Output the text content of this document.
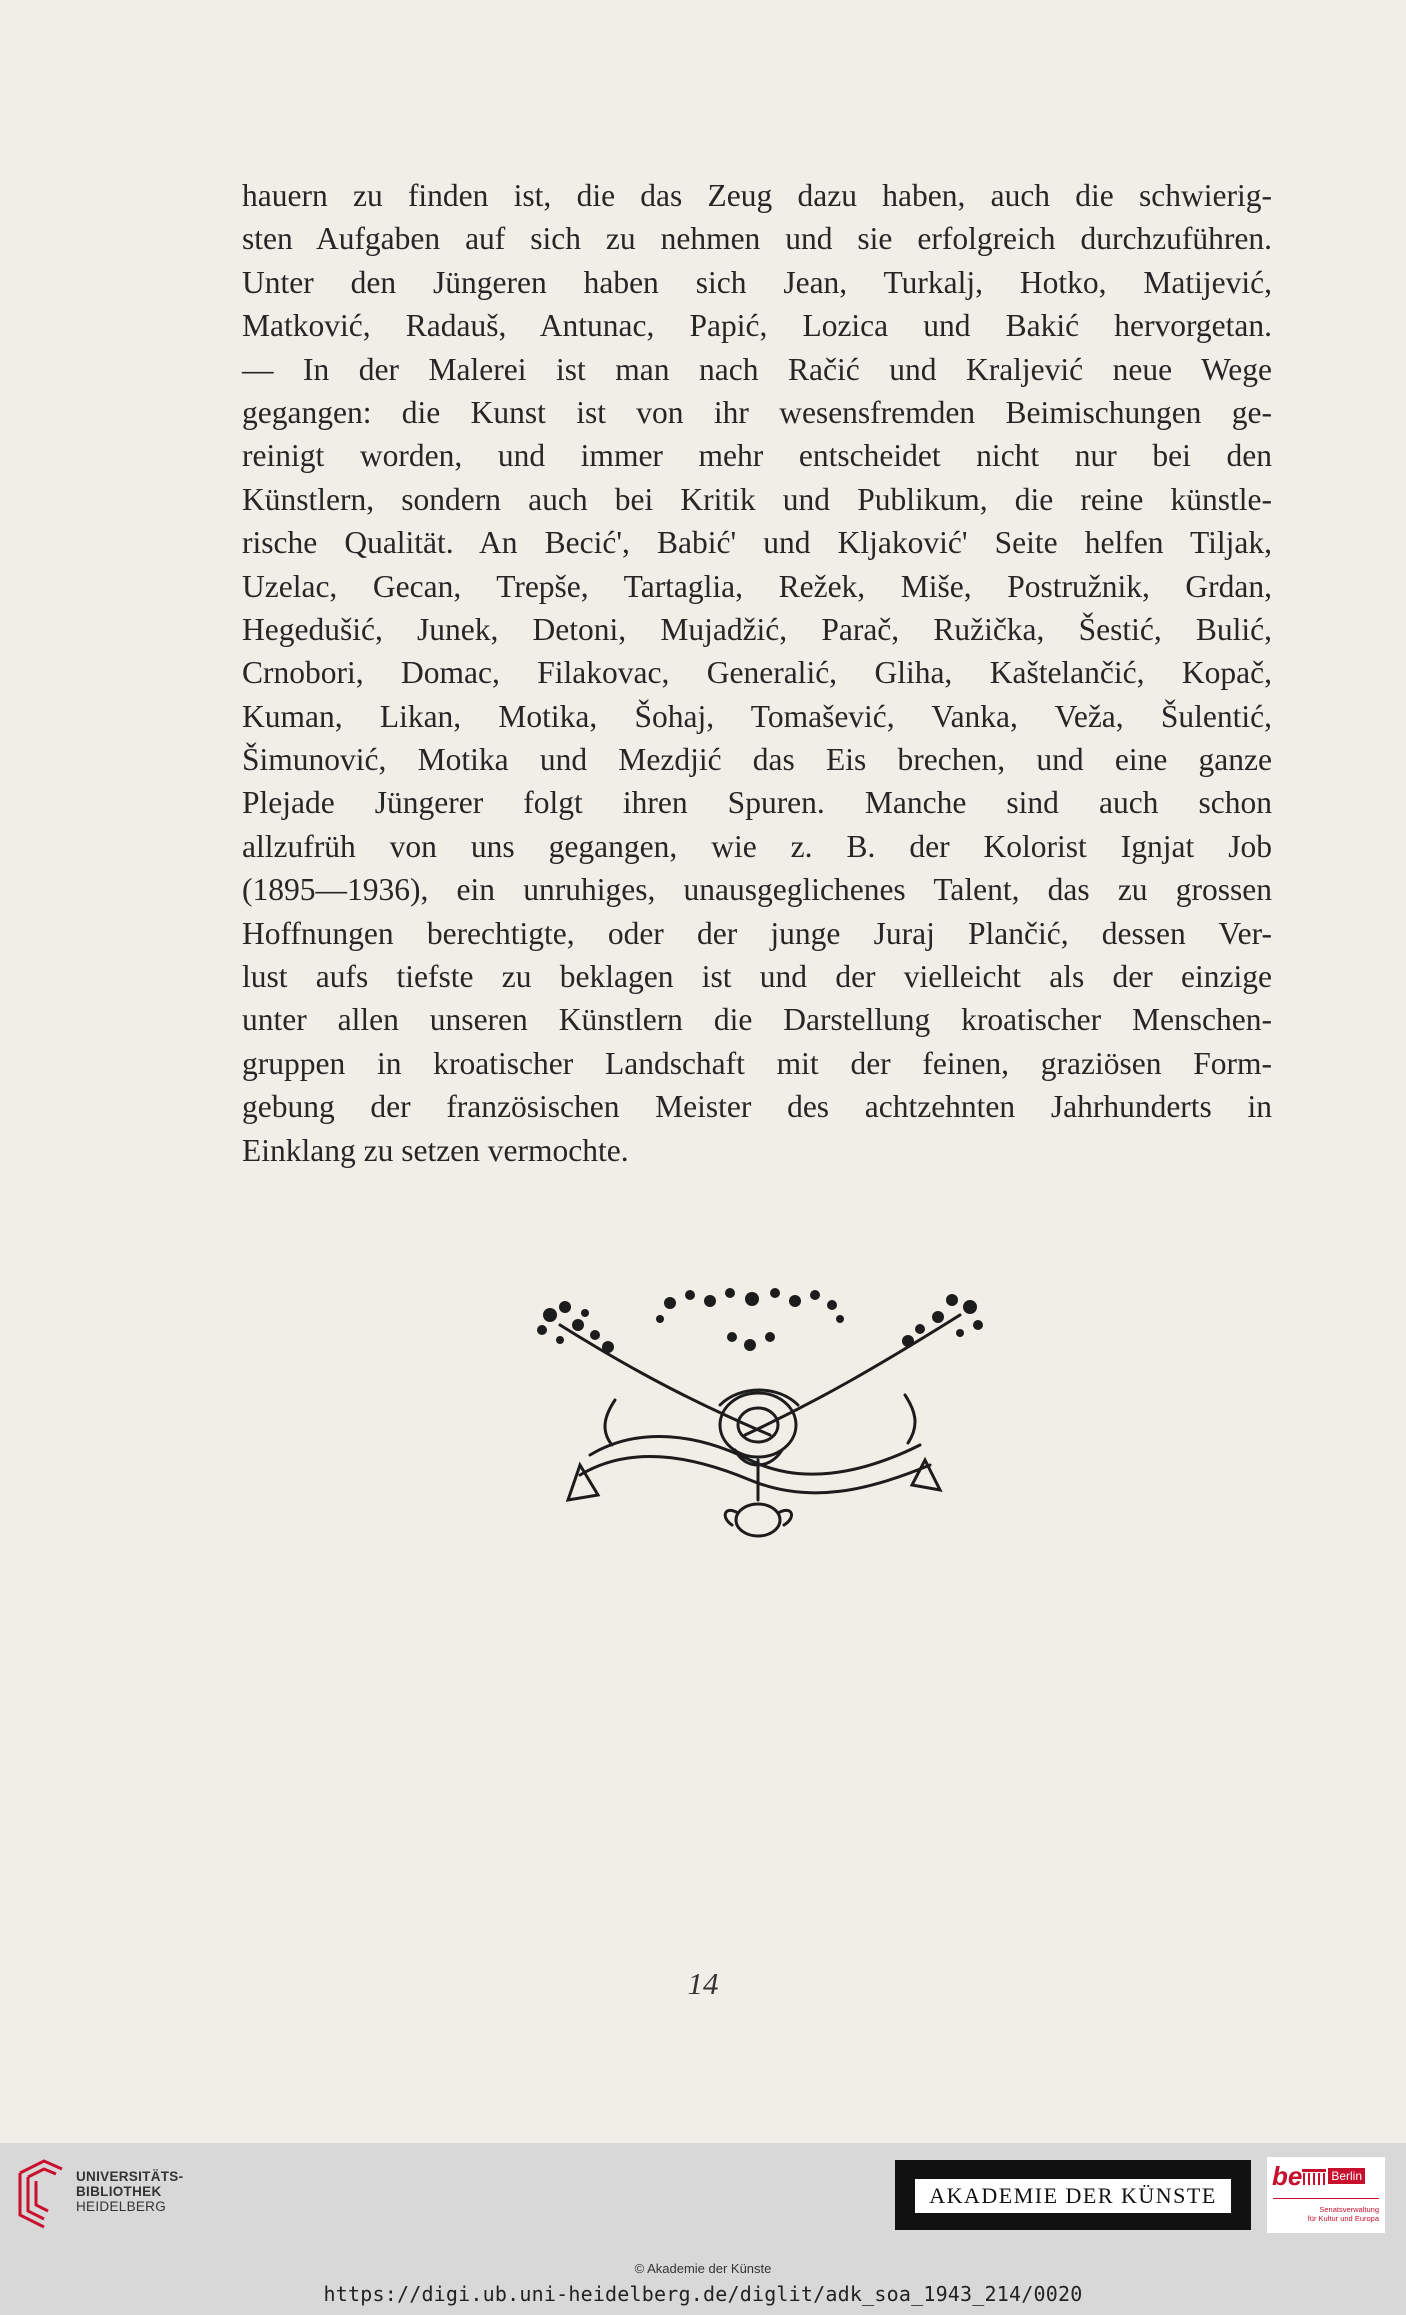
hauern zu finden ist, die das Zeug dazu haben, auch die schwierig-
sten Aufgaben auf sich zu nehmen und sie erfolgreich durchzuführen.
Unter den Jüngeren haben sich Jean, Turkalj, Hotko, Matijević,
Matković, Radauš, Antunac, Papić, Lozica und Bakić hervorgetan.
— In der Malerei ist man nach Račić und Kraljević neue Wege
gegangen: die Kunst ist von ihr wesensfremden Beimischungen ge-
reinigt worden, und immer mehr entscheidet nicht nur bei den
Künstlern, sondern auch bei Kritik und Publikum, die reine künstle-
rische Qualität. An Becić', Babić' und Kljaković' Seite helfen Tiljak,
Uzelac, Gecan, Trepše, Tartaglia, Režek, Miše, Postružnik, Grdan,
Hegedušić, Junek, Detoni, Mujadžić, Parač, Ružička, Šestić, Bulić,
Crnobori, Domac, Filakovac, Generalić, Gliha, Kaštelančić, Kopač,
Kuman, Likan, Motika, Šohaj, Tomašević, Vanka, Veža, Šulentić,
Šimunović, Motika und Mezdjić das Eis brechen, und eine ganze
Plejade Jüngerer folgt ihren Spuren. Manche sind auch schon
allzufrüh von uns gegangen, wie z. B. der Kolorist Ignjat Job
(1895—1936), ein unruhiges, unausgeglichenes Talent, das zu grossen
Hoffnungen berechtigte, oder der junge Juraj Plančić, dessen Ver-
lust aufs tiefste zu beklagen ist und der vielleicht als der einzige
unter allen unseren Künstlern die Darstellung kroatischer Menschen-
gruppen in kroatischer Landschaft mit der feinen, graziösen Form-
gebung der französischen Meister des achtzehnten Jahrhunderts in
Einklang zu setzen vermochte.
14
UNIVERSITÄTS-
BIBLIOTHEK
HEIDELBERG	AKADEMIE DER KÜNSTE
be Berlin
Senatsverwaltung
für Kultur und Europa
© Akademie der Künste
https://digi.ub.uni-heidelberg.de/diglit/adk_soa_1943_214/0020
